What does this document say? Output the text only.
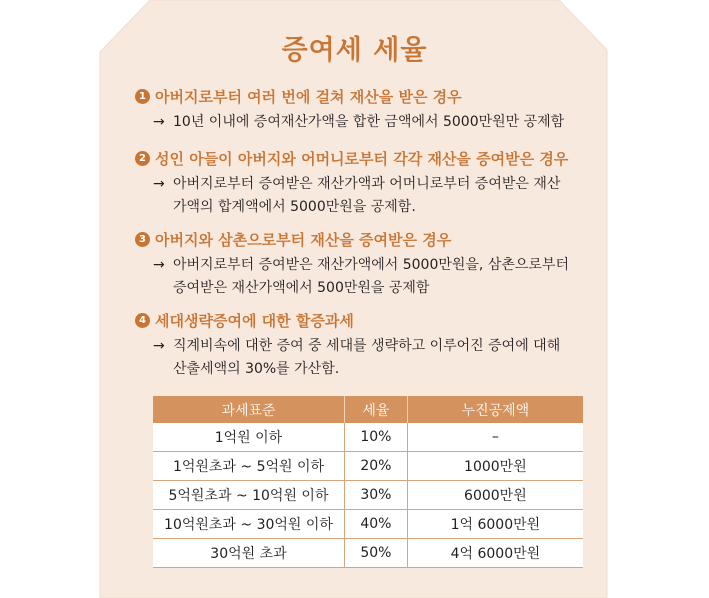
증여세 세율
1 아버지로부터 여러 번에 걸쳐 재산을 받은 경우
→ 10년 이내에 증여재산가액을 합한 금액에서 5000만원만 공제함
2 성인 아들이 아버지와 어머니로부터 각각 재산을 증여받은 경우
→ 아버지로부터 증여받은 재산가액과 어머니로부터 증여받은 재산가액의 합계액에서 5000만원을 공제함.
3 아버지와 삼촌으로부터 재산을 증여받은 경우
→ 아버지로부터 증여받은 재산가액에서 5000만원을, 삼촌으로부터 증여받은 재산가액에서 500만원을 공제함
4 세대생략증여에 대한 할증과세
→ 직계비속에 대한 증여 중 세대를 생략하고 이루어진 증여에 대해 산출세액의 30%를 가산함.
과세표준	세율	누진공제액
1억원 이하	10%	–
1억원초과 ~ 5억원 이하	20%	1000만원
5억원초과 ~ 10억원 이하	30%	6000만원
10억원초과 ~ 30억원 이하	40%	1억 6000만원
30억원 초과	50%	4억 6000만원
